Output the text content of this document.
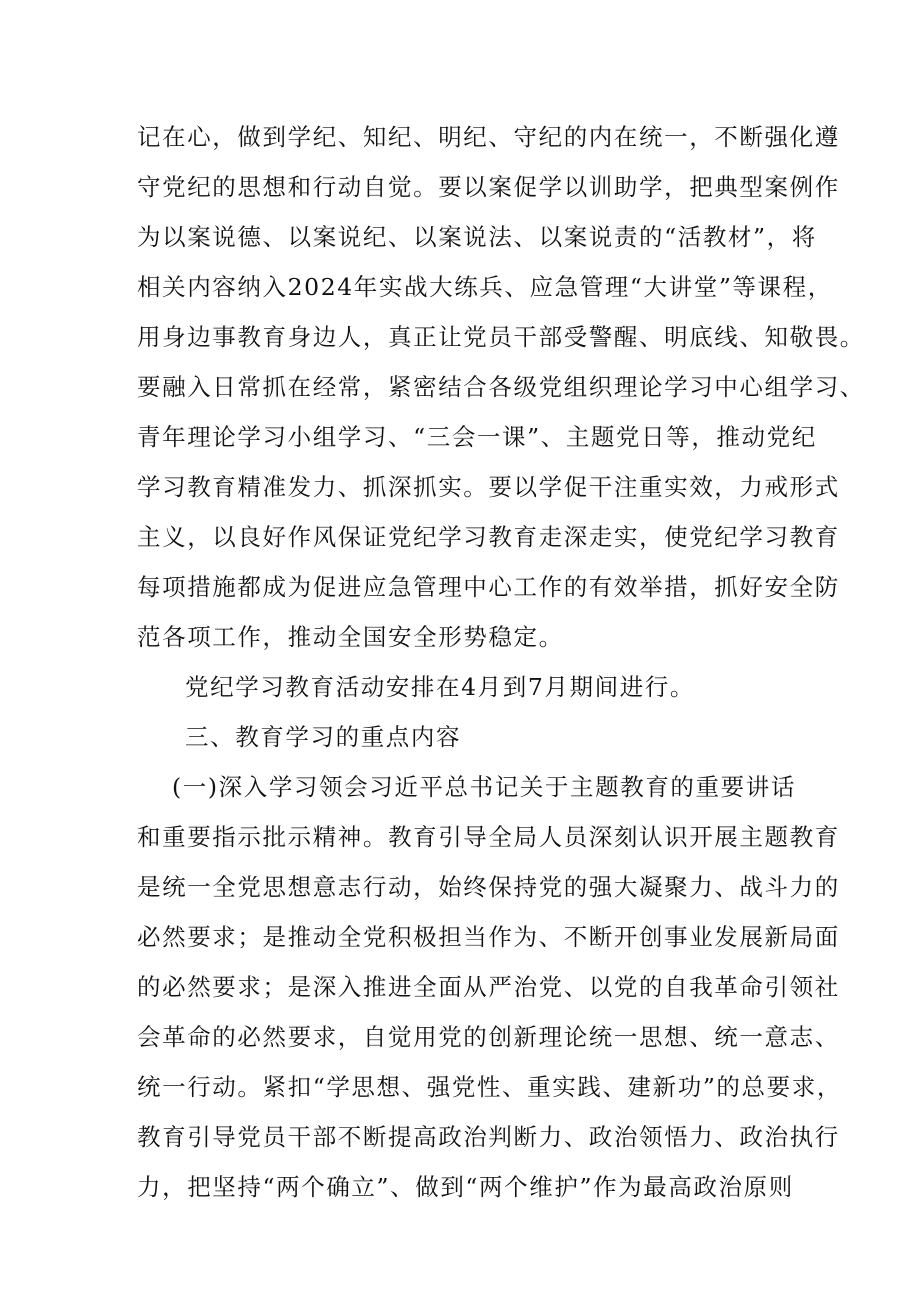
记在心，做到学纪、知纪、明纪、守纪的内在统一，不断强化遵
守党纪的思想和行动自觉。要以案促学以训助学，把典型案例作
为以案说德、以案说纪、以案说法、以案说责的“活教材”，将
相关内容纳入2024年实战大练兵、应急管理“大讲堂”等课程，
用身边事教育身边人，真正让党员干部受警醒、明底线、知敬畏。
要融入日常抓在经常，紧密结合各级党组织理论学习中心组学习、
青年理论学习小组学习、“三会一课”、主题党日等，推动党纪
学习教育精准发力、抓深抓实。要以学促干注重实效，力戒形式
主义，以良好作风保证党纪学习教育走深走实，使党纪学习教育
每项措施都成为促进应急管理中心工作的有效举措，抓好安全防
范各项工作，推动全国安全形势稳定。
党纪学习教育活动安排在4月到7月期间进行。
三、教育学习的重点内容
(一)深入学习领会习近平总书记关于主题教育的重要讲话
和重要指示批示精神。教育引导全局人员深刻认识开展主题教育
是统一全党思想意志行动，始终保持党的强大凝聚力、战斗力的
必然要求；是推动全党积极担当作为、不断开创事业发展新局面
的必然要求；是深入推进全面从严治党、以党的自我革命引领社
会革命的必然要求，自觉用党的创新理论统一思想、统一意志、
统一行动。紧扣“学思想、强党性、重实践、建新功”的总要求，
教育引导党员干部不断提高政治判断力、政治领悟力、政治执行
力，把坚持“两个确立”、做到“两个维护”作为最高政治原则
